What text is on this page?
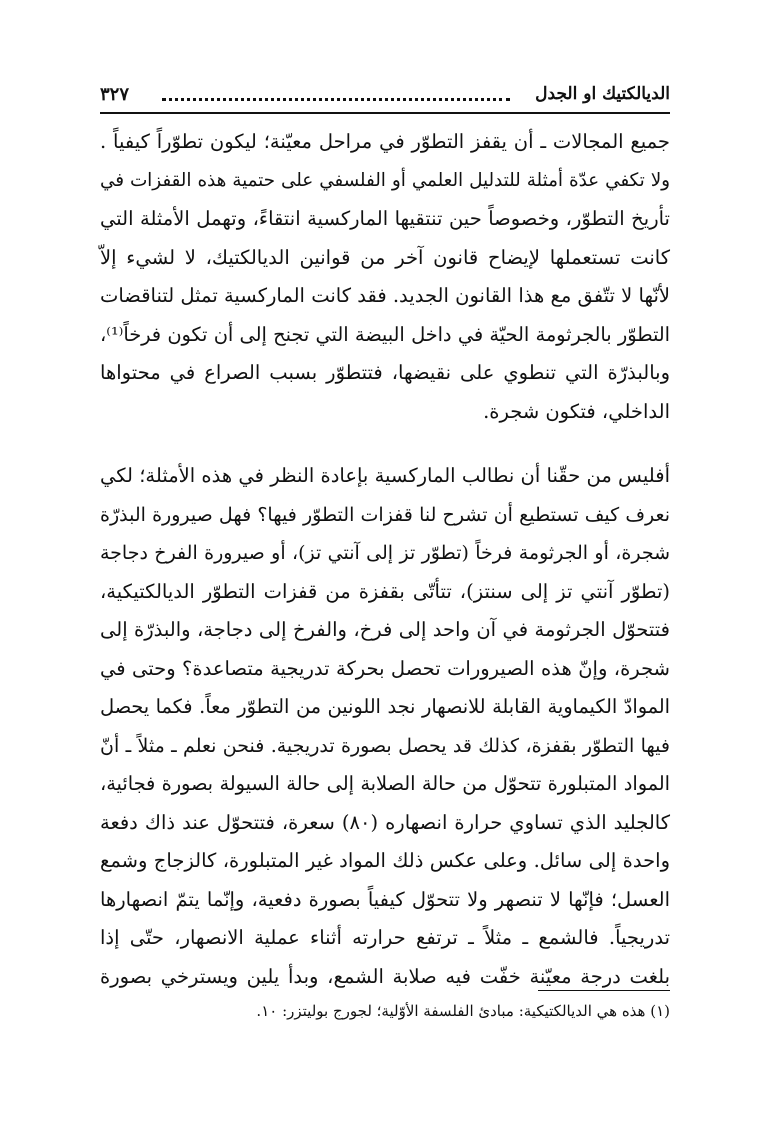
الديالكتيك او الجدل
٣٢٧
جميع المجالات ـ أن يقفز التطوّر في مراحل معيّنة؛ ليكون تطوّراً كيفياً .
ولا تكفي عدّة أمثلة للتدليل العلمي أو الفلسفي على حتمية هذه القفزات في
تأريخ التطوّر، وخصوصاً حين تنتقيها الماركسية انتقاءً، وتهمل الأمثلة التي
كانت تستعملها لإيضاح قانون آخر من قوانين الديالكتيك، لا لشيء إلاّ
لأنّها لا تتّفق مع هذا القانون الجديد. فقد كانت الماركسية تمثل لتناقضات
التطوّر بالجرثومة الحيّة في داخل البيضة التي تجنح إلى أن تكون فرخاً⁽¹⁾،
وبالبذرّة التي تنطوي على نقيضها، فتتطوّر بسبب الصراع في محتواها
الداخلي، فتكون شجرة.
أفليس من حقّنا أن نطالب الماركسية بإعادة النظر في هذه الأمثلة؛ لكي
نعرف كيف تستطيع أن تشرح لنا قفزات التطوّر فيها؟ فهل صيرورة البذرّة
شجرة، أو الجرثومة فرخاً (تطوّر تز إلى آنتي تز)، أو صيرورة الفرخ دجاجة
(تطوّر آنتي تز إلى سنتز)، تتأتّى بقفزة من قفزات التطوّر الديالكتيكية،
فتتحوّل الجرثومة في آن واحد إلى فرخ، والفرخ إلى دجاجة، والبذرّة إلى
شجرة، وإنّ هذه الصيرورات تحصل بحركة تدريجية متصاعدة؟ وحتى في
الموادّ الكيماوية القابلة للانصهار نجد اللونين من التطوّر معاً. فكما يحصل
فيها التطوّر بقفزة، كذلك قد يحصل بصورة تدريجية. فنحن نعلم ـ مثلاً ـ أنّ
المواد المتبلورة تتحوّل من حالة الصلابة إلى حالة السيولة بصورة فجائية،
كالجليد الذي تساوي حرارة انصهاره (٨٠) سعرة، فتتحوّل عند ذاك دفعة
واحدة إلى سائل. وعلى عكس ذلك المواد غير المتبلورة، كالزجاج وشمع
العسل؛ فإنّها لا تنصهر ولا تتحوّل كيفياً بصورة دفعية، وإنّما يتمّ انصهارها
تدريجياً. فالشمع ـ مثلاً ـ ترتفع حرارته أثناء عملية الانصهار، حتّى إذا
بلغت درجة معيّنة خفّت فيه صلابة الشمع، وبدأ يلين ويسترخي بصورة
(١) هذه هي الديالكتيكية: مبادئ الفلسفة الأوّلية؛ لجورج بوليتزر: ١٠.
